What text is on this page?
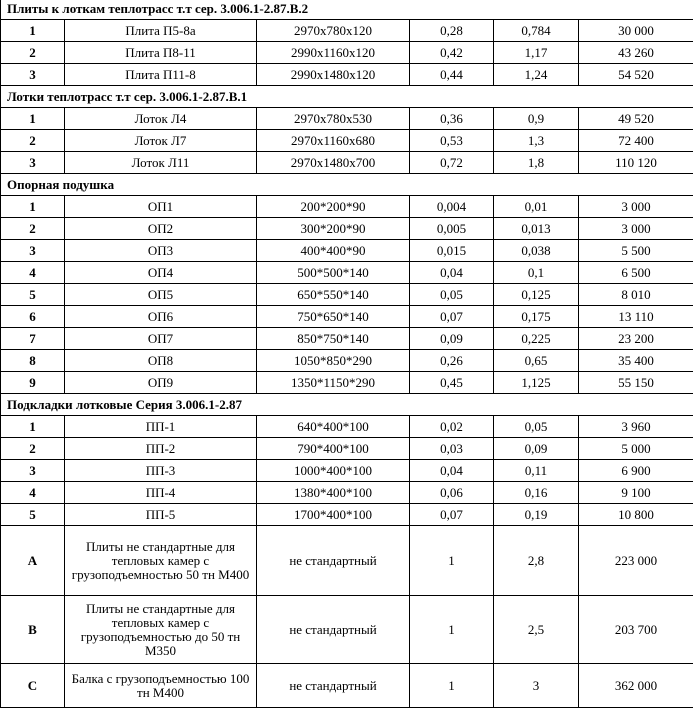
Плиты к лоткам теплотрасс т.т сер. 3.006.1-2.87.В.2					
1	Плита П5-8а	2970х780х120	0,28	0,784	30 000
2	Плита П8-11	2990х1160х120	0,42	1,17	43 260
3	Плита П11-8	2990х1480х120	0,44	1,24	54 520
Лотки теплотрасс т.т сер. 3.006.1-2.87.В.1					
1	Лоток Л4	2970х780х530	0,36	0,9	49 520
2	Лоток Л7	2970х1160х680	0,53	1,3	72 400
3	Лоток Л11	2970х1480х700	0,72	1,8	110 120
Опорная подушка					
1	ОП1	200*200*90	0,004	0,01	3 000
2	ОП2	300*200*90	0,005	0,013	3 000
3	ОП3	400*400*90	0,015	0,038	5 500
4	ОП4	500*500*140	0,04	0,1	6 500
5	ОП5	650*550*140	0,05	0,125	8 010
6	ОП6	750*650*140	0,07	0,175	13 110
7	ОП7	850*750*140	0,09	0,225	23 200
8	ОП8	1050*850*290	0,26	0,65	35 400
9	ОП9	1350*1150*290	0,45	1,125	55 150
Подкладки лотковые Серия 3.006.1-2.87					
1	ПП-1	640*400*100	0,02	0,05	3 960
2	ПП-2	790*400*100	0,03	0,09	5 000
3	ПП-3	1000*400*100	0,04	0,11	6 900
4	ПП-4	1380*400*100	0,06	0,16	9 100
5	ПП-5	1700*400*100	0,07	0,19	10 800
А	Плиты не стандартные для тепловых камер с грузоподъемностью 50 тн М400	не стандартный	1	2,8	223 000
В	Плиты не стандартные для тепловых камер с грузоподъемностью до 50 тн М350	не стандартный	1	2,5	203 700
С	Балка с грузоподъемностью 100 тн М400	не стандартный	1	3	362 000
